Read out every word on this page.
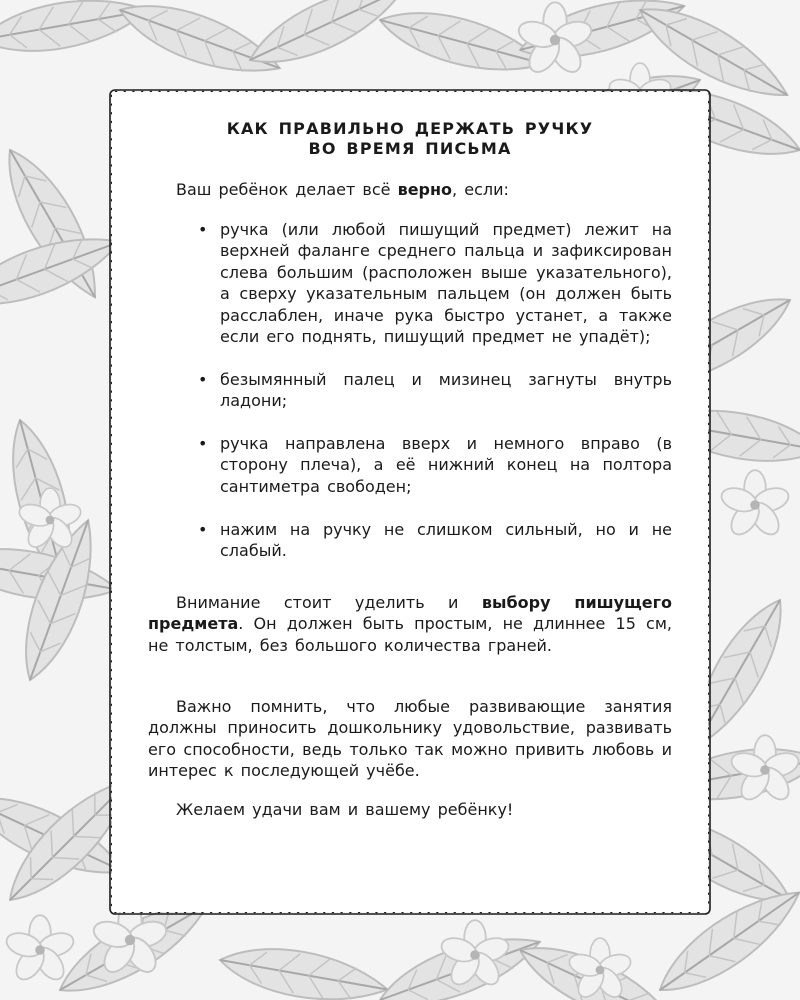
КАК ПРАВИЛЬНО ДЕРЖАТЬ РУЧКУ
ВО ВРЕМЯ ПИСЬМА
Ваш ребёнок делает всё верно, если:
• ручка (или любой пишущий предмет) лежит на верхней фаланге среднего пальца и зафиксирован слева большим (расположен выше указательного), а сверху указательным пальцем (он должен быть расслаблен, иначе рука быстро устанет, а также если его поднять, пишущий предмет не упадёт);
• безымянный палец и мизинец загнуты внутрь ладони;
• ручка направлена вверх и немного вправо (в сторону плеча), а её нижний конец на полтора сантиметра свободен;
• нажим на ручку не слишком сильный, но и не слабый.
Внимание стоит уделить и выбору пишущего предмета. Он должен быть простым, не длиннее 15 см, не толстым, без большого количества граней.
Важно помнить, что любые развивающие занятия должны приносить дошкольнику удовольствие, развивать его способности, ведь только так можно привить любовь и интерес к последующей учёбе.
Желаем удачи вам и вашему ребёнку!
